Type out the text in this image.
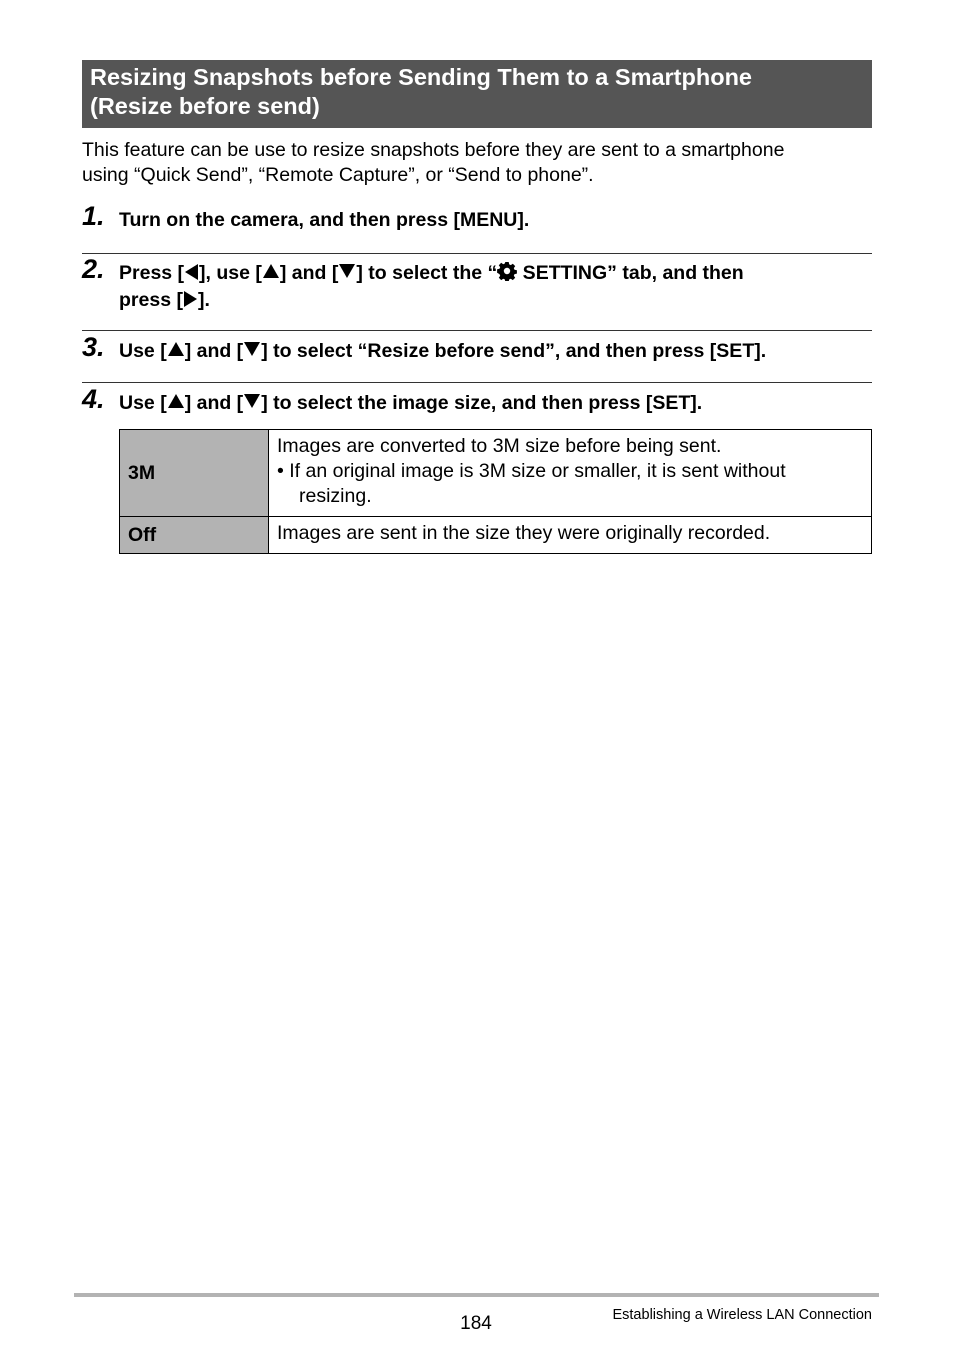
Resizing Snapshots before Sending Them to a Smartphone
(Resize before send)
This feature can be use to resize snapshots before they are sent to a smartphone
using “Quick Send”, “Remote Capture”, or “Send to phone”.
1. Turn on the camera, and then press [MENU].
2. Press [ ], use [ ] and [ ] to select the “ SETTING” tab, and then
press [ ].
3. Use [ ] and [ ] to select “Resize before send”, and then press [SET].
4. Use [ ] and [ ] to select the image size, and then press [SET].
3M	Images are converted to 3M size before being sent.
• If an original image is 3M size or smaller, it is sent without resizing.

Off	Images are sent in the size they were originally recorded.
184	Establishing a Wireless LAN Connection
